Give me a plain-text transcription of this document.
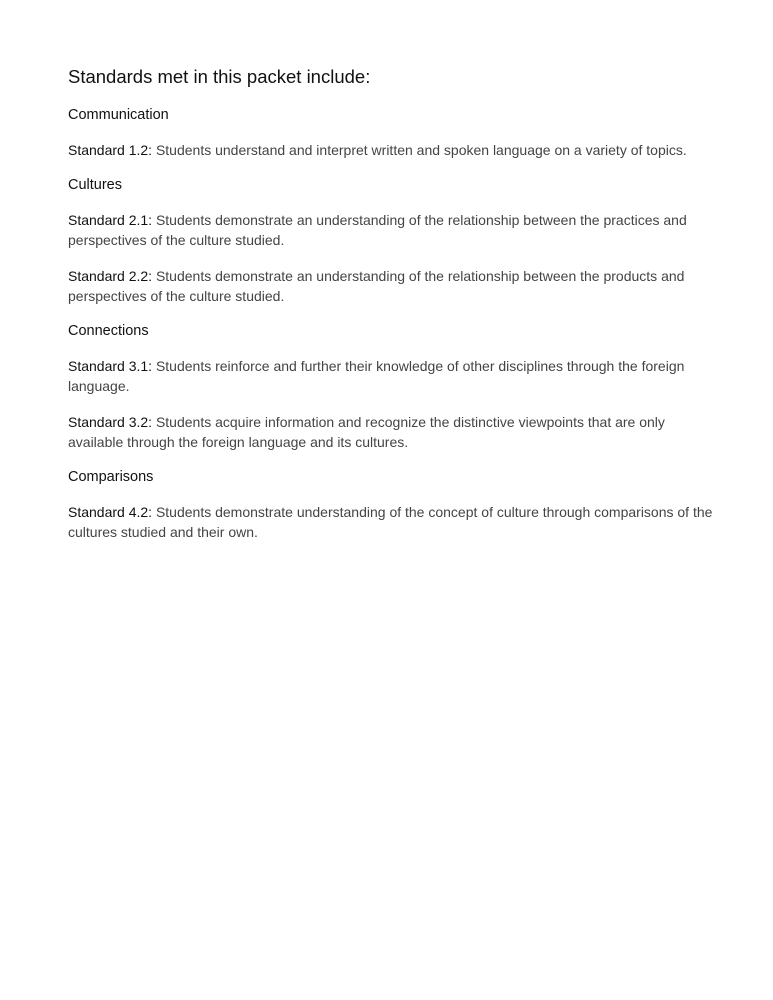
Standards met in this packet include:
Communication

Standard 1.2: Students understand and interpret written and spoken language on a variety of topics.

Cultures

Standard 2.1: Students demonstrate an understanding of the relationship between the practices and perspectives of the culture studied.

Standard 2.2: Students demonstrate an understanding of the relationship between the products and perspectives of the culture studied.

Connections

Standard 3.1: Students reinforce and further their knowledge of other disciplines through the foreign language.

Standard 3.2: Students acquire information and recognize the distinctive viewpoints that are only available through the foreign language and its cultures.

Comparisons

Standard 4.2: Students demonstrate understanding of the concept of culture through comparisons of the cultures studied and their own.
